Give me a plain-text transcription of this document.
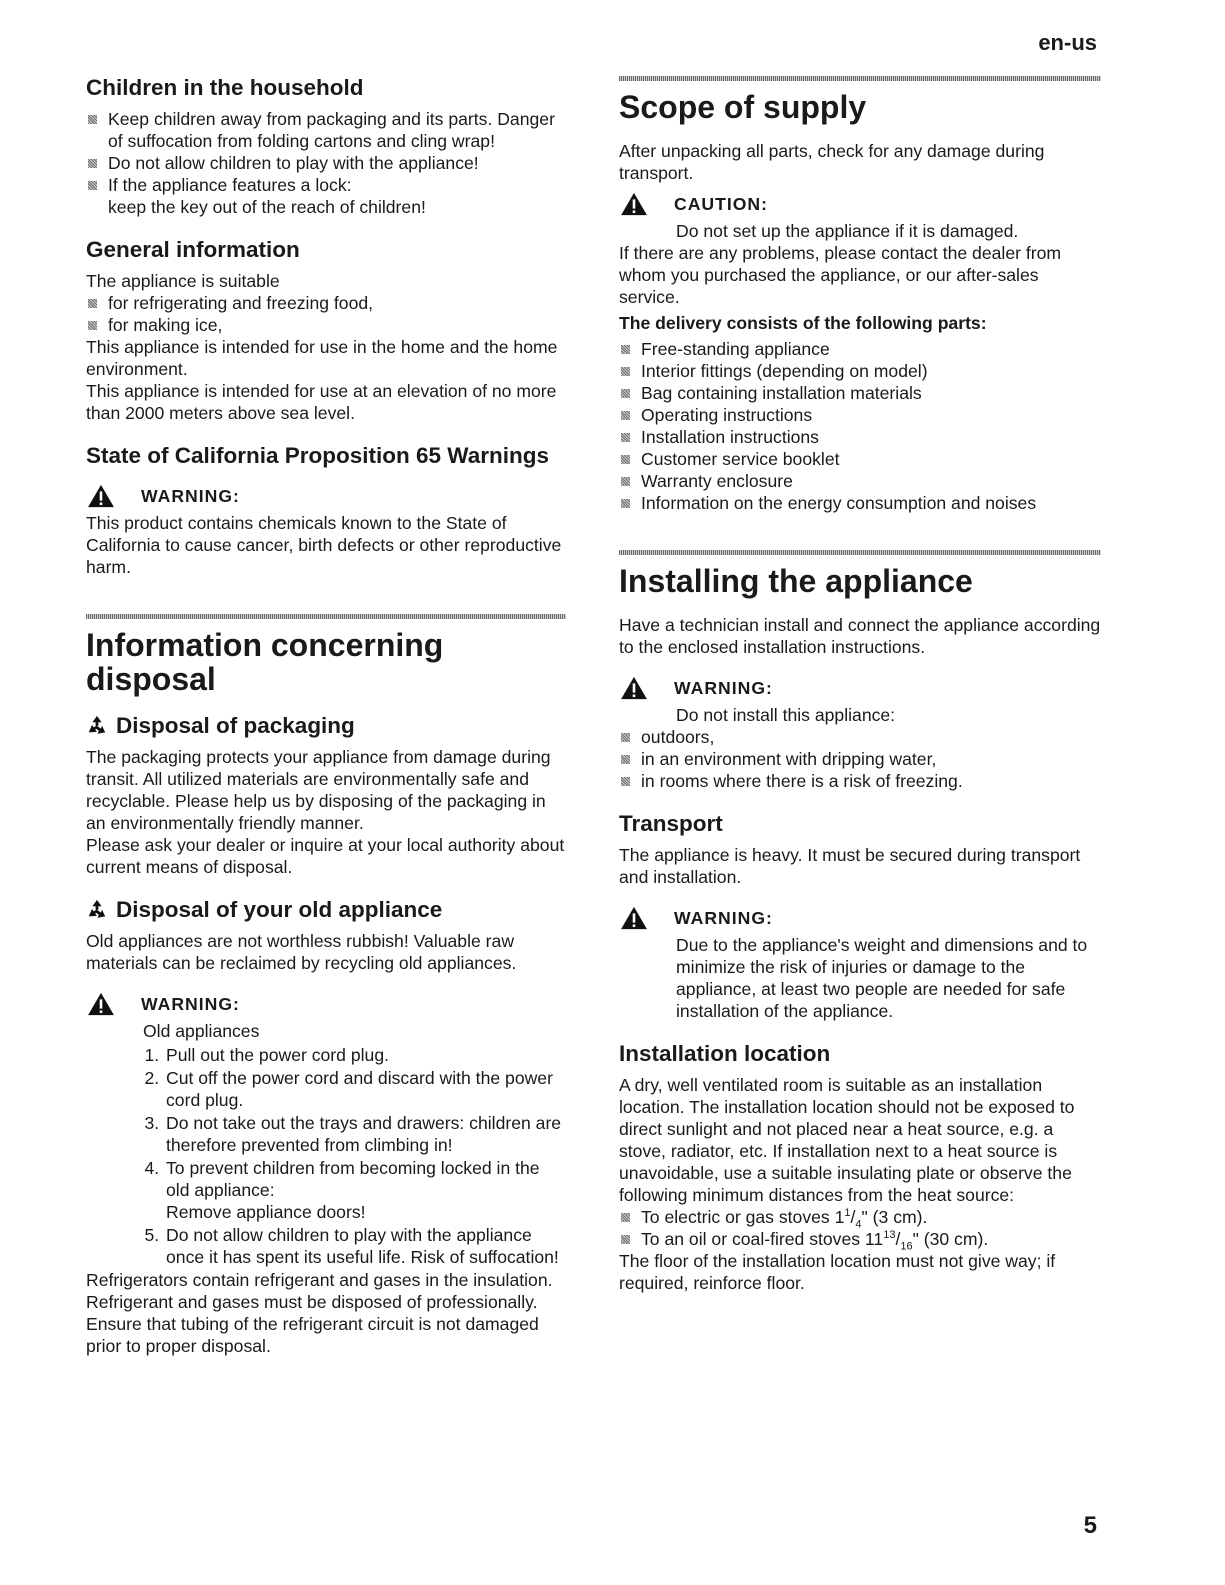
en-us
Children in the household
Keep children away from packaging and its parts. Danger of suffocation from folding cartons and cling wrap!
Do not allow children to play with the appliance!
If the appliance features a lock:
keep the key out of the reach of children!
General information

The appliance is suitable

for refrigerating and freezing food,
for making ice,

This appliance is intended for use in the home and the home environment.

This appliance is intended for use at an elevation of no more than 2000 meters above sea level.

State of California Proposition 65 Warnings
WARNING:

This product contains chemicals known to the State of California to cause cancer, birth defects or other reproductive harm.

Information concerning disposal
Disposal of packaging

The packaging protects your appliance from damage during transit. All utilized materials are environmentally safe and recyclable. Please help us by disposing of the packaging in an environmentally friendly manner.

Please ask your dealer or inquire at your local authority about current means of disposal.

Disposal of your old appliance

Old appliances are not worthless rubbish! Valuable raw materials can be reclaimed by recycling old appliances.

WARNING:

Old appliances

1. Pull out the power cord plug.
2. Cut off the power cord and discard with the power cord plug.
3. Do not take out the trays and drawers: children are therefore prevented from climbing in!
4. To prevent children from becoming locked in the old appliance:
Remove appliance doors!
5. Do not allow children to play with the appliance once it has spent its useful life. Risk of suffocation!

Refrigerators contain refrigerant and gases in the insulation. Refrigerant and gases must be disposed of professionally. Ensure that tubing of the refrigerant circuit is not damaged prior to proper disposal.

Scope of supply

After unpacking all parts, check for any damage during transport.

CAUTION:

Do not set up the appliance if it is damaged.

If there are any problems, please contact the dealer from whom you purchased the appliance, or our after-sales service.

The delivery consists of the following parts:

Free-standing appliance
Interior fittings (depending on model)
Bag containing installation materials
Operating instructions
Installation instructions
Customer service booklet
Warranty enclosure
Information on the energy consumption and noises
Installing the appliance

Have a technician install and connect the appliance according to the enclosed installation instructions.

WARNING:

Do not install this appliance:

outdoors,
in an environment with dripping water,
in rooms where there is a risk of freezing.
Transport

The appliance is heavy. It must be secured during transport and installation.

WARNING:

Due to the appliance's weight and dimensions and to minimize the risk of injuries or damage to the appliance, at least two people are needed for safe installation of the appliance.

Installation location

A dry, well ventilated room is suitable as an installation location. The installation location should not be exposed to direct sunlight and not placed near a heat source, e.g. a stove, radiator, etc. If installation next to a heat source is unavoidable, use a suitable insulating plate or observe the following minimum distances from the heat source:

To electric or gas stoves $1^1/_4$" (3 cm).
To an oil or coal-fired stoves $11^{13}/_{16}$" (30 cm).

The floor of the installation location must not give way; if required, reinforce floor.

5
